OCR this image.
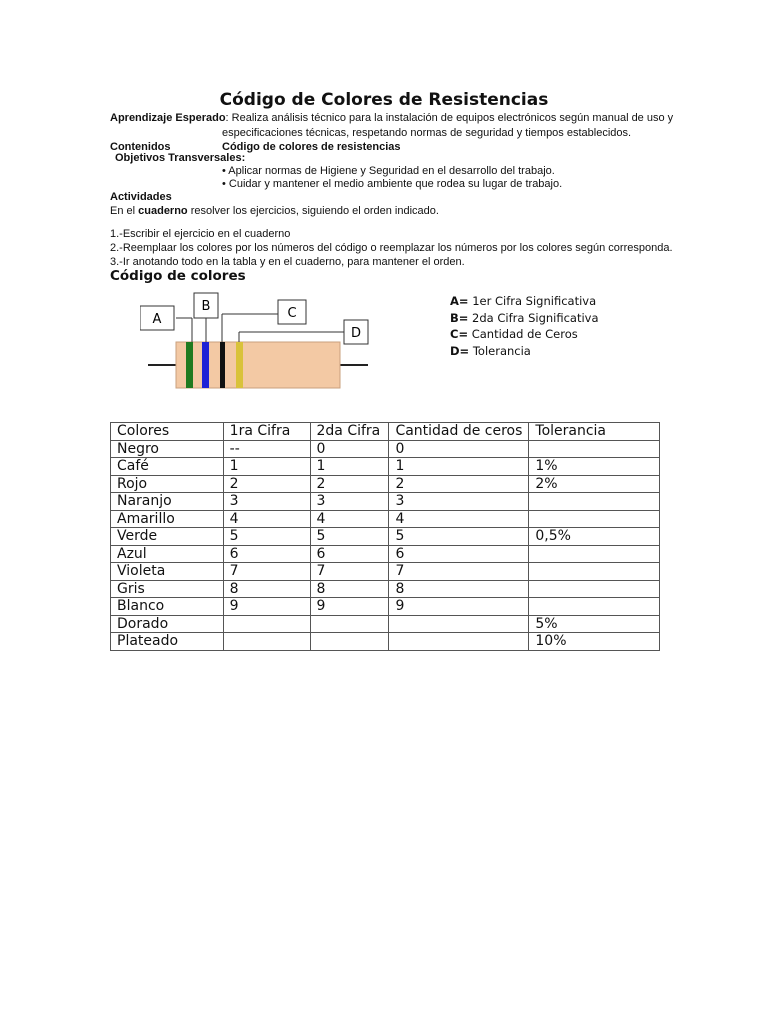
Código de Colores de Resistencias
Aprendizaje Esperado: Realiza análisis técnico para la instalación de equipos electrónicos según manual de uso y
especificaciones técnicas, respetando normas de seguridad y tiempos establecidos.
Contenidos	Código de colores de resistencias
Objetivos Transversales:
• Aplicar normas de Higiene y Seguridad en el desarrollo del trabajo.
• Cuidar y mantener el medio ambiente que rodea su lugar de trabajo.
Actividades
En el cuaderno resolver los ejercicios, siguiendo el orden indicado.
1.-Escribir el ejercicio en el cuaderno
2.-Reemplaar los colores por los números del código o reemplazar los números por los colores según corresponda.
3.-Ir anotando todo en la tabla y en el cuaderno, para mantener el orden.
Código de colores
A
B	C
D
A= 1er Cifra Significativa
B= 2da Cifra Significativa
C= Cantidad de Ceros
D= Tolerancia
Colores	1ra Cifra	2da Cifra	Cantidad de ceros	Tolerancia
Negro	--	0	0	
Café	1	1	1	1%
Rojo	2	2	2	2%
Naranjo	3	3	3	
Amarillo	4	4	4	
Verde	5	5	5	0,5%
Azul	6	6	6	
Violeta	7	7	7	
Gris	8	8	8	
Blanco	9	9	9	
Dorado				5%
Plateado				10%
